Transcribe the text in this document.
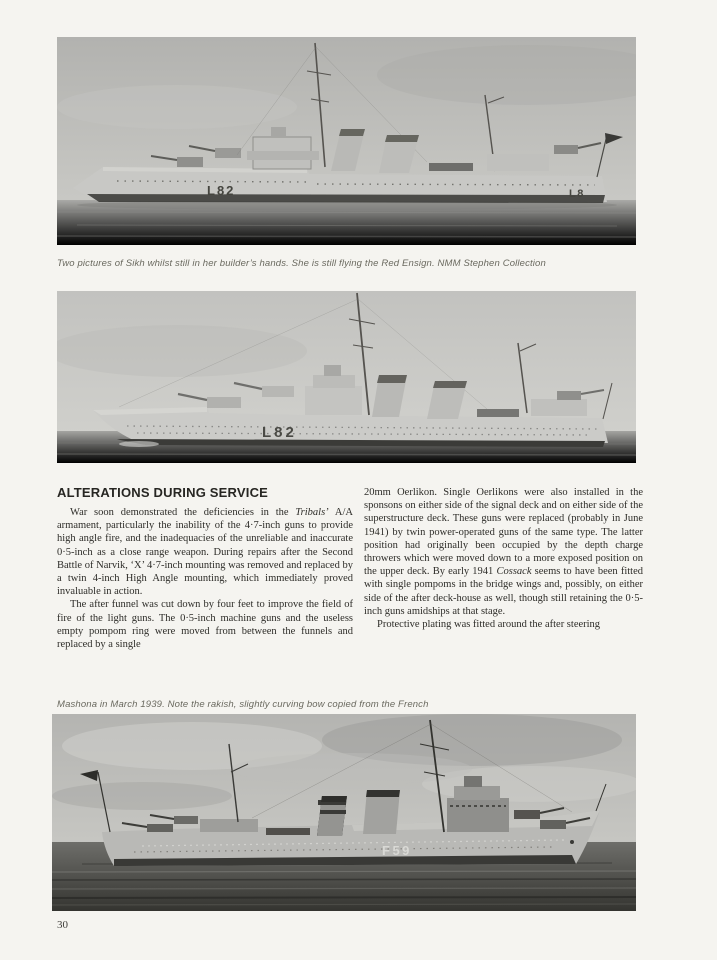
L82	L8
Two pictures of Sikh whilst still in her builder’s hands. She is still flying the Red Ensign. NMM Stephen Collection
L82
ALTERATIONS DURING SERVICE

War soon demonstrated the deficiencies in the Tribals’ A/A armament, particularly the inability of the 4·7-inch guns to provide high angle fire, and the inadequacies of the unreliable and inaccurate 0·5-inch as a close range weapon. During repairs after the Second Battle of Narvik, ‘X’ 4·7-inch mounting was removed and replaced by a twin 4-inch High Angle mounting, which immediately proved invaluable in action.

The after funnel was cut down by four feet to improve the field of fire of the light guns. The 0·5-inch machine guns and the useless empty pompom ring were moved from between the funnels and replaced by a single

20mm Oerlikon. Single Oerlikons were also installed in the sponsons on either side of the signal deck and on either side of the superstructure deck. These guns were replaced (probably in June 1941) by twin power-operated guns of the same type. The latter position had originally been occupied by the depth charge throwers which were moved down to a more exposed position on the upper deck. By early 1941 Cossack seems to have been fitted with single pompoms in the bridge wings and, possibly, on either side of the after deck-house as well, though still retaining the 0·5-inch guns amidships at that stage.

Protective plating was fitted around the after steering

Mashona in March 1939. Note the rakish, slightly curving bow copied from the French
F59
30
